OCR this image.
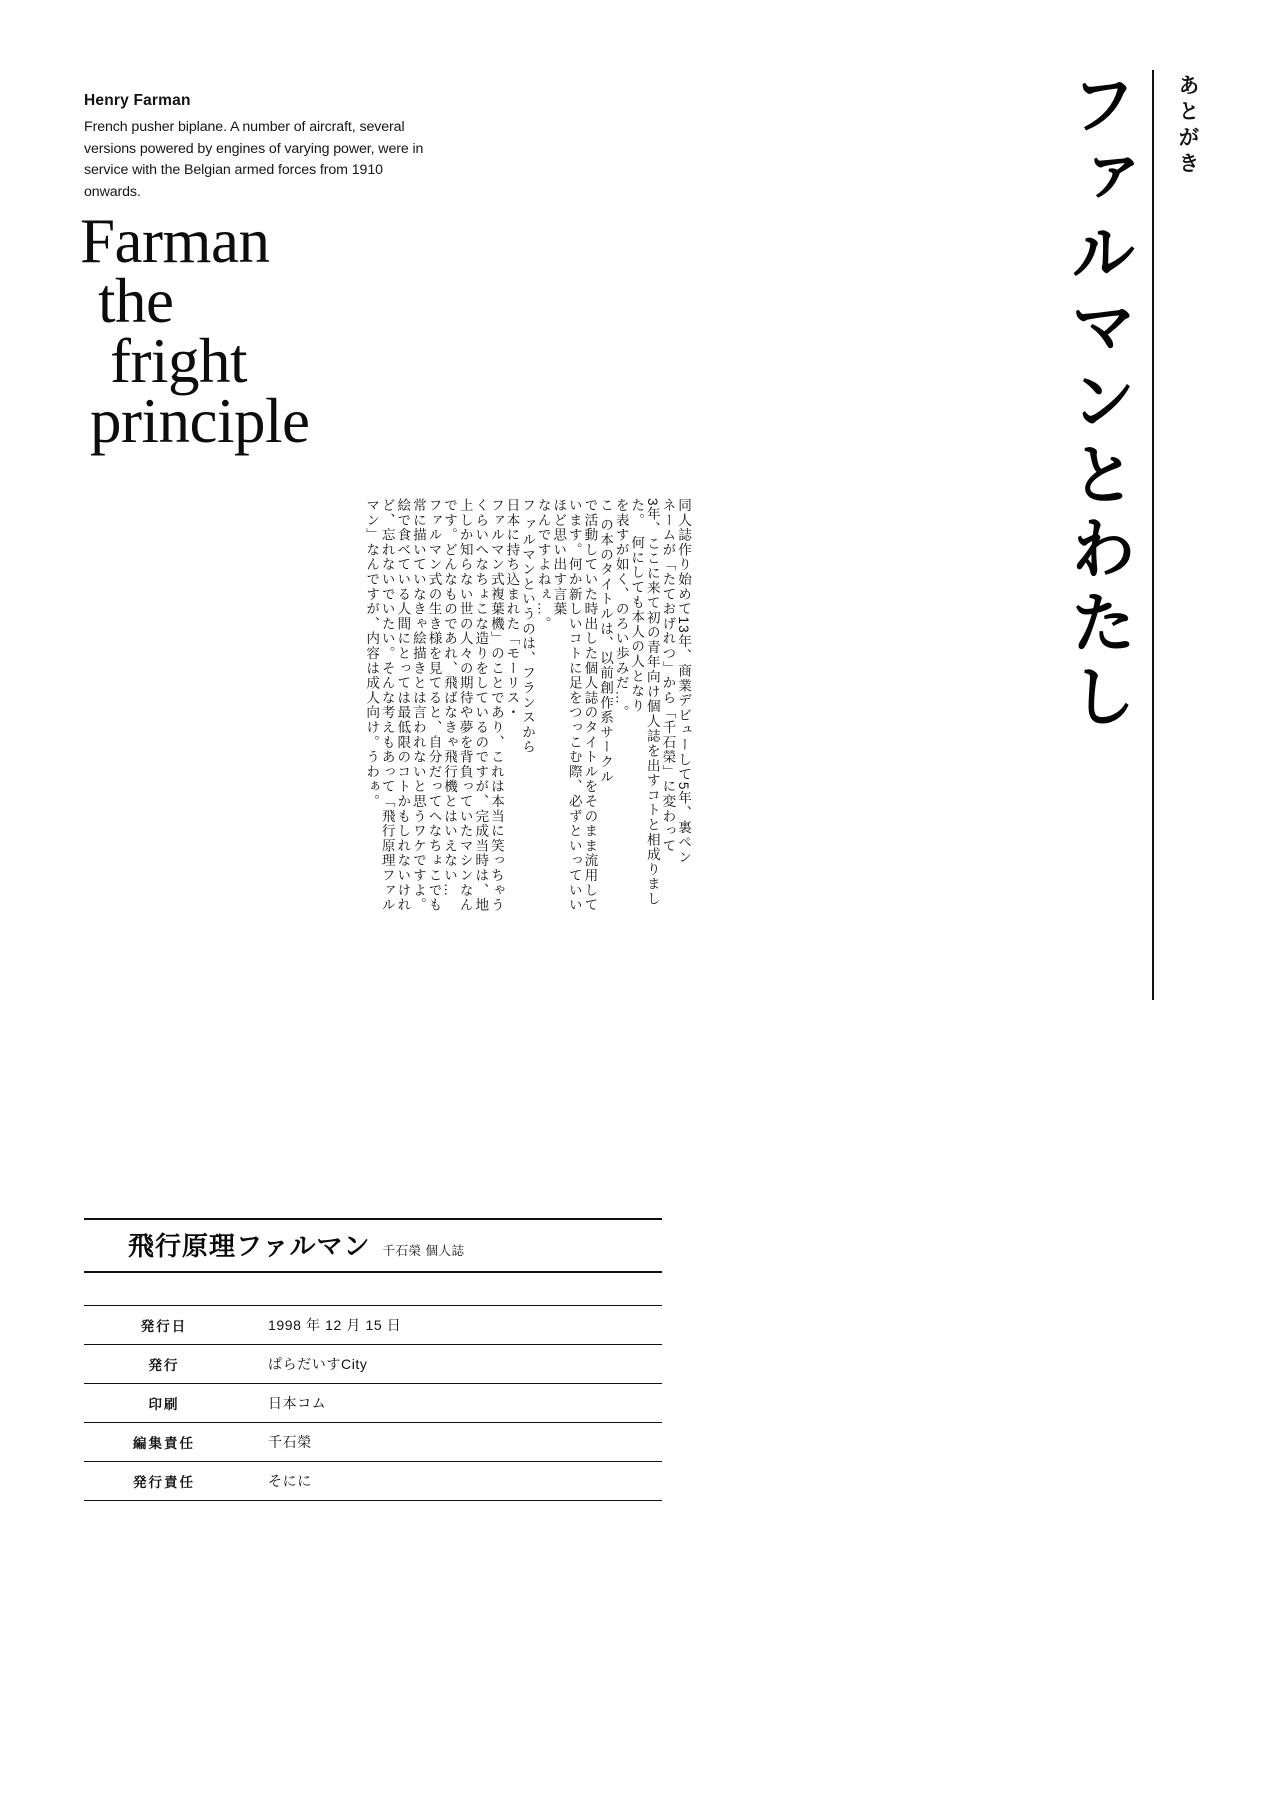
Henry Farman

French pusher biplane. A number of aircraft, several versions powered by engines of varying power, were in service with the Belgian armed forces from 1910 onwards.

Farman
the
fright
principle
あとがき
ファルマンとわたし
同人誌作り始めて13年、商業デビューして5年、裏ペン
ネームが「たておげれつ」から「千石榮」に変わって
3年、ここに来て初の青年向け個人誌を出すコトと相成りまし
た。　何にしても本人の人となり
を表すが如く、のろい歩みだ…。
こ の本のタイトルは、以前創作系サークル
で活動していた時出した個人誌のタイトルをそのまま流用して
います。何か新しいコトに足をつっこむ際、必ずといっていい
ほど思い出す言葉
なんですよねぇ…。
フ ァルマンというのは、フランスから
日本に持ち込まれた「モーリス・
ファルマン式複葉機」のことであり、これは本当に笑っちゃう
くらいへなちょこな造りをしているのですが、完成当時は、地
上しか知らない世の人々の期待や夢を背負っていたマシンなん
です。どんなものであれ、飛ばなきゃ飛行機とはいえない…
ファルマン式の生き様を見てると、自分だってへなちょこでも
常に描いていなきゃ絵描きとは言われないと思うワケですよ。
絵で食べている人間にとっては最低限のコトかもしれないけれ
ど、忘れないでいたい。そんな考えもあって「飛行原理ファル
マン」なんですが、内容は成人向け。うわぁ。
飛行原理ファルマン 千石榮 個人誌
発行日	1998 年 12 月 15 日
発行	ぱらだいすCity
印刷	日本コム
編集責任	千石榮
発行責任	そにに
